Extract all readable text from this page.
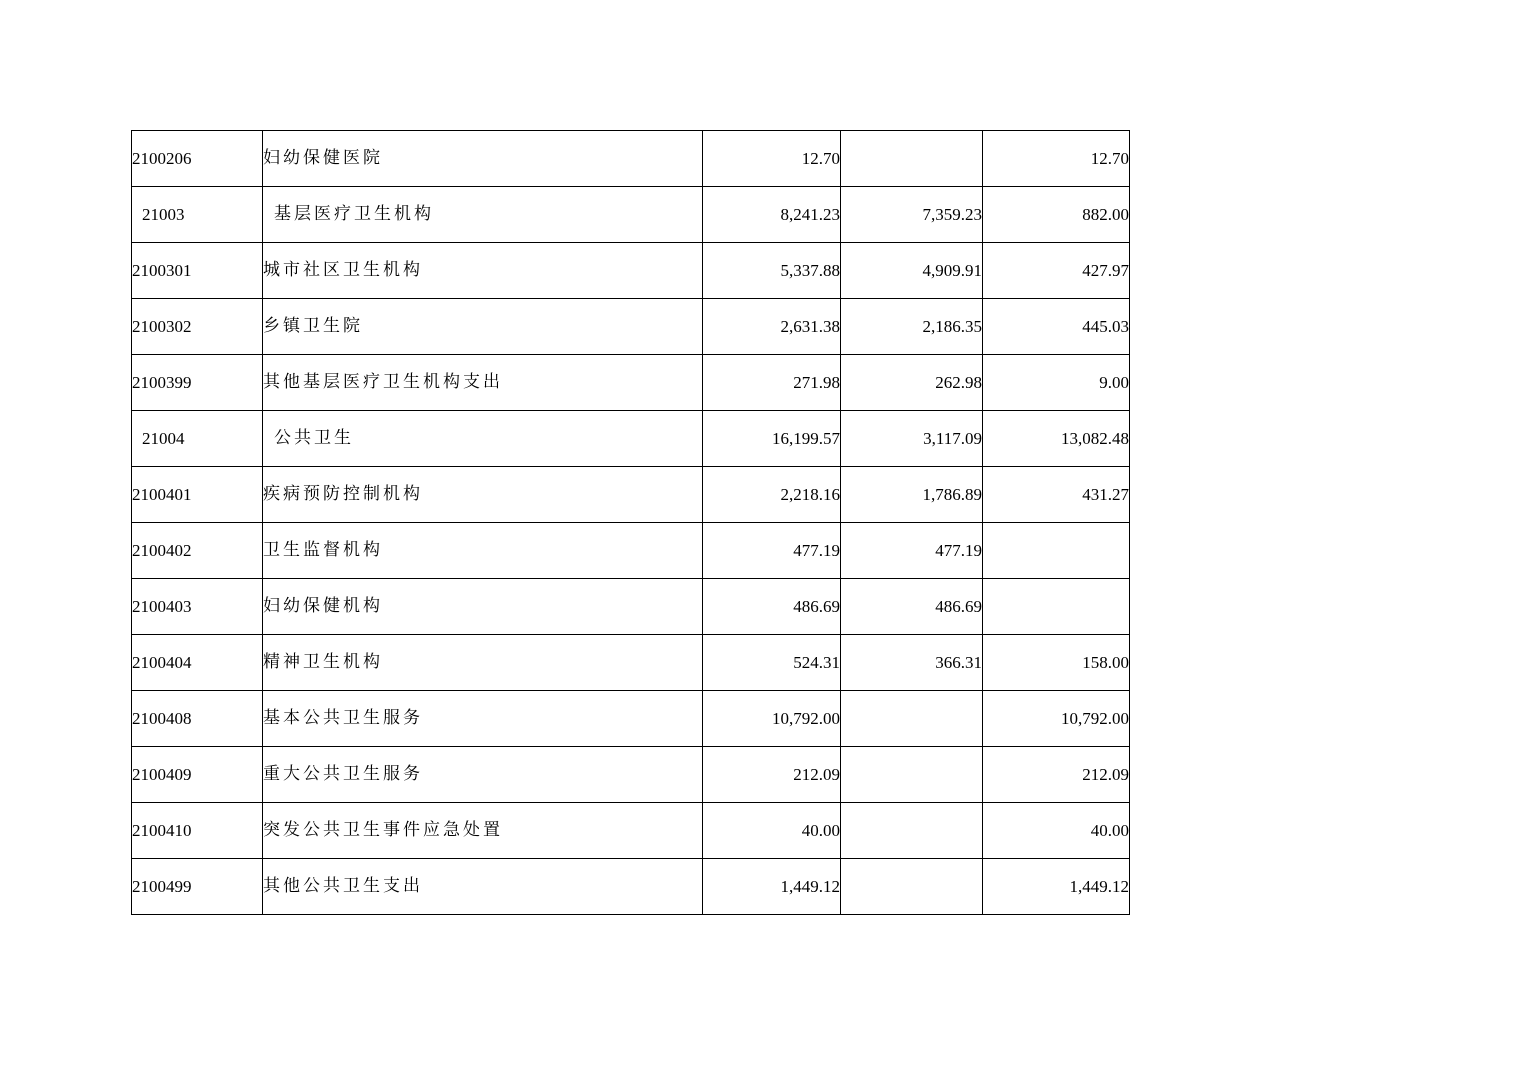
2100206	妇幼保健医院	12.70		12.70
21003	基层医疗卫生机构	8,241.23	7,359.23	882.00
2100301	城市社区卫生机构	5,337.88	4,909.91	427.97
2100302	乡镇卫生院	2,631.38	2,186.35	445.03
2100399	其他基层医疗卫生机构支出	271.98	262.98	9.00
21004	公共卫生	16,199.57	3,117.09	13,082.48
2100401	疾病预防控制机构	2,218.16	1,786.89	431.27
2100402	卫生监督机构	477.19	477.19	
2100403	妇幼保健机构	486.69	486.69	
2100404	精神卫生机构	524.31	366.31	158.00
2100408	基本公共卫生服务	10,792.00		10,792.00
2100409	重大公共卫生服务	212.09		212.09
2100410	突发公共卫生事件应急处置	40.00		40.00
2100499	其他公共卫生支出	1,449.12		1,449.12
